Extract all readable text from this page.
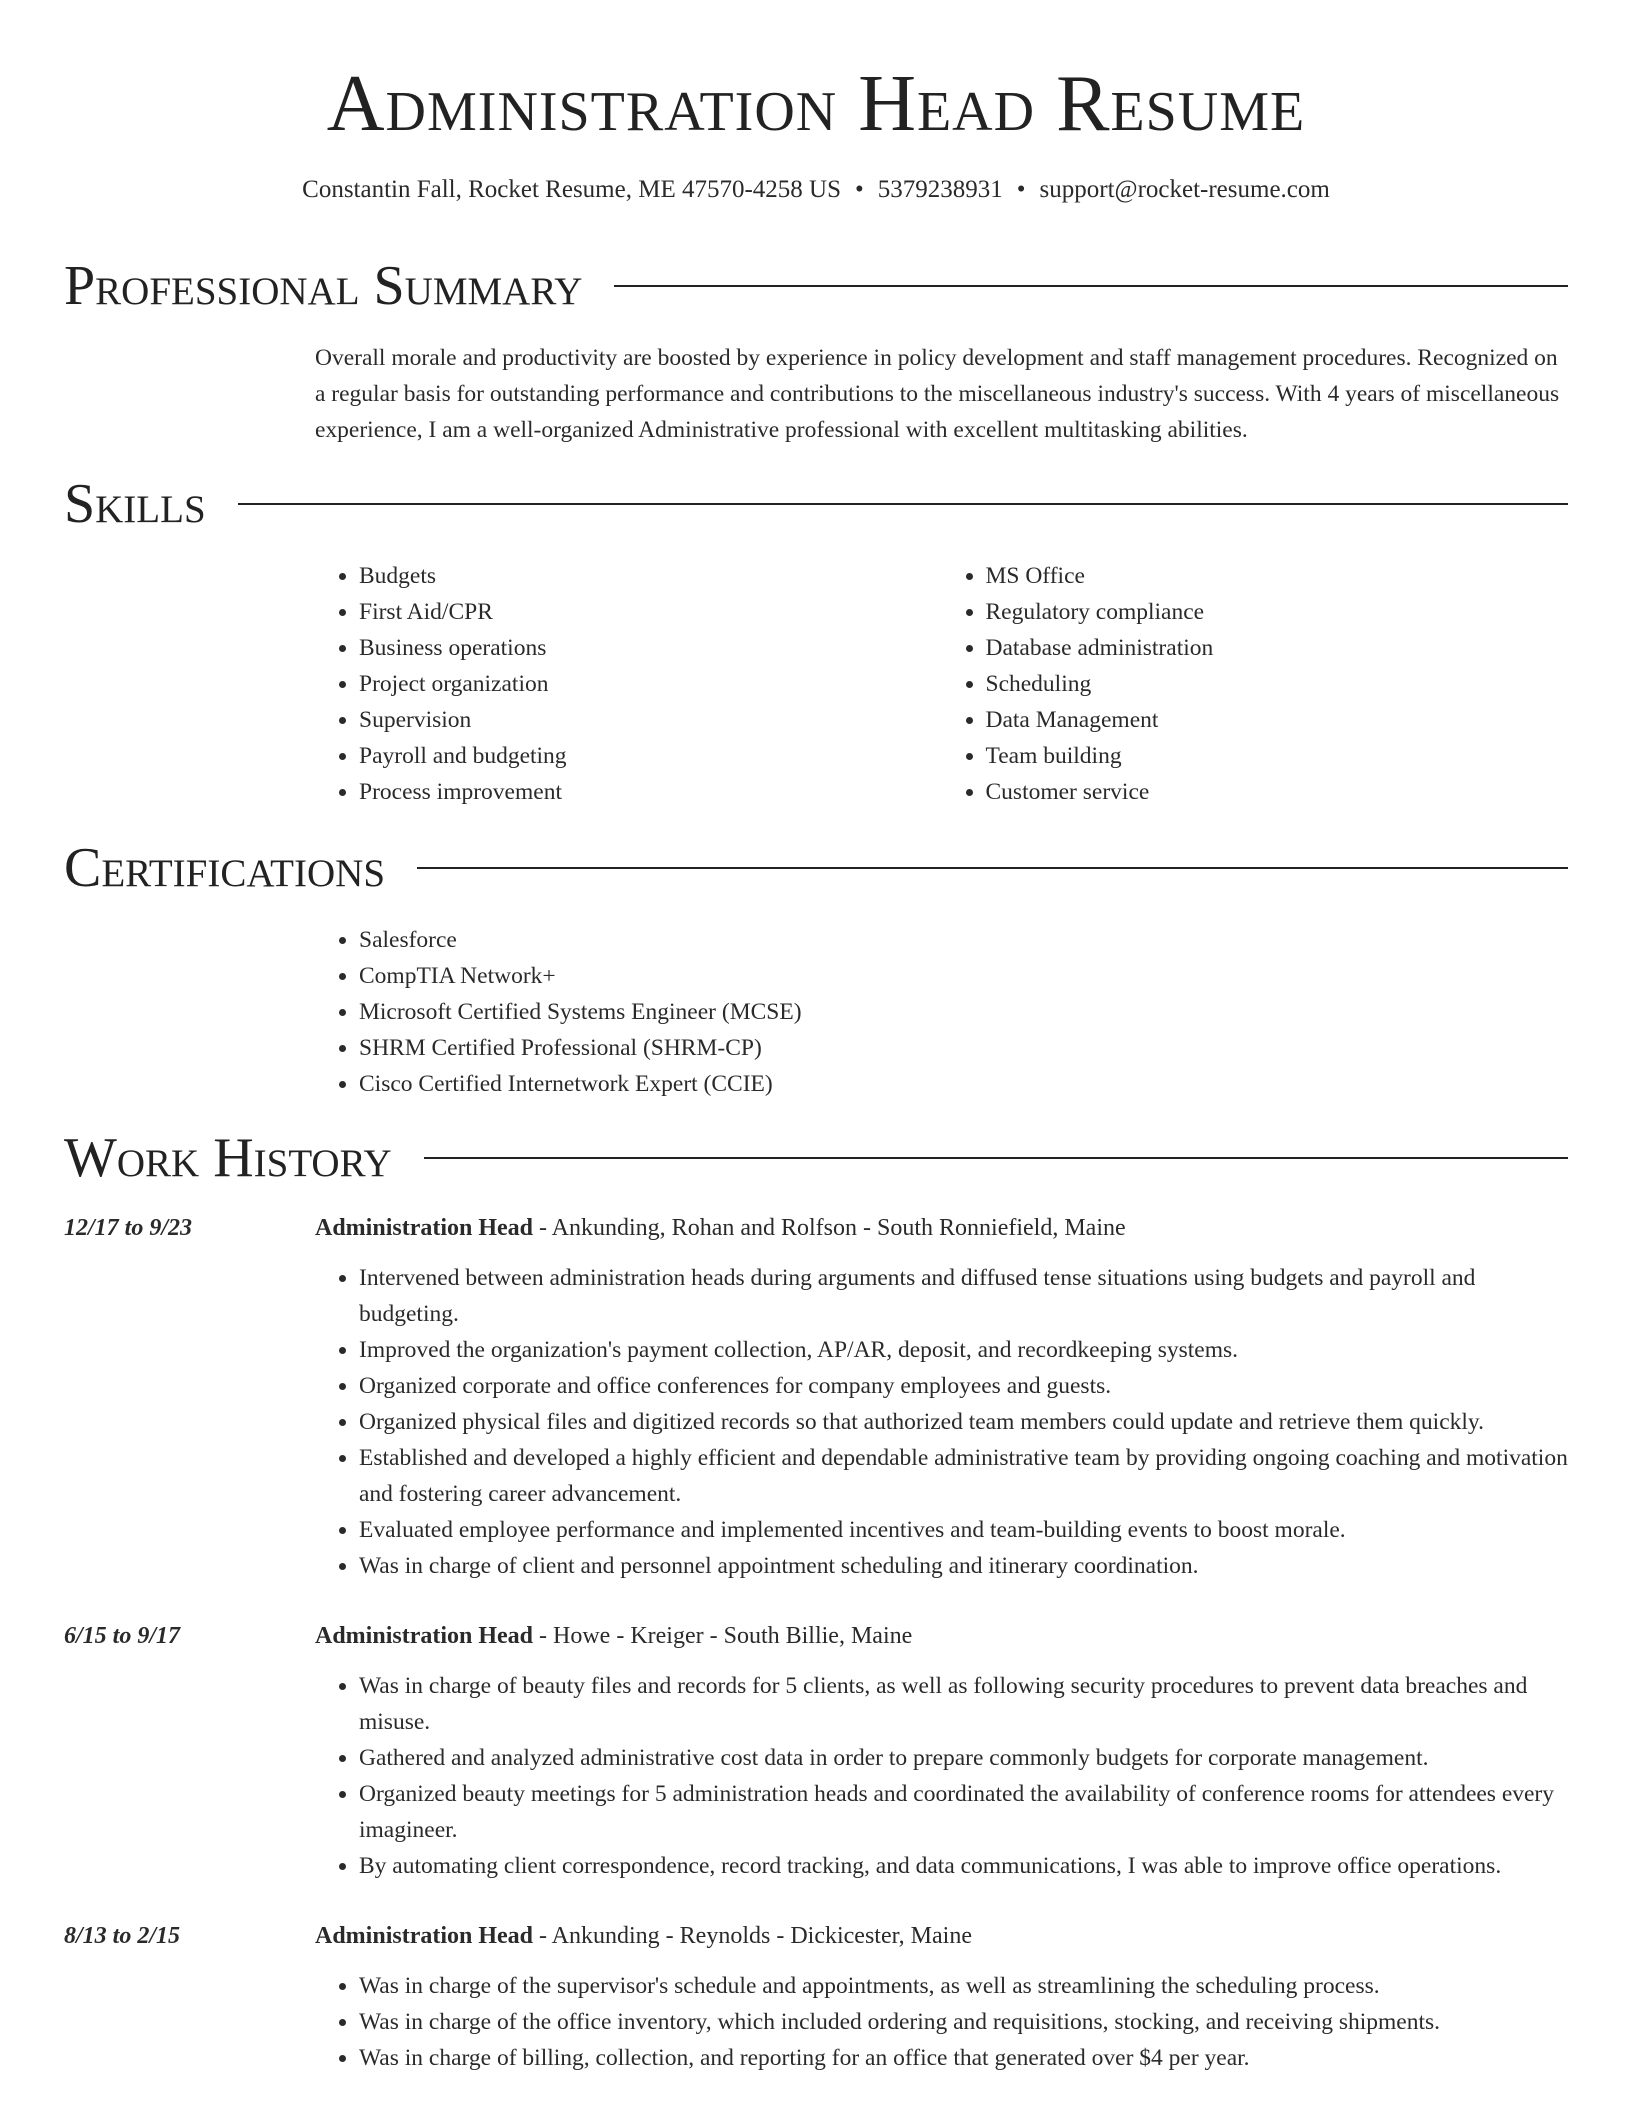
Administration Head Resume
Constantin Fall, Rocket Resume, ME 47570-4258 US • 5379238931 • support@rocket-resume.com
Professional Summary
Overall morale and productivity are boosted by experience in policy development and staff management procedures. Recognized on a regular basis for outstanding performance and contributions to the miscellaneous industry's success. With 4 years of miscellaneous experience, I am a well-organized Administrative professional with excellent multitasking abilities.
Skills
• Budgets
• First Aid/CPR
• Business operations
• Project organization
• Supervision
• Payroll and budgeting
• Process improvement
• MS Office
• Regulatory compliance
• Database administration
• Scheduling
• Data Management
• Team building
• Customer service
Certifications
• Salesforce
• CompTIA Network+
• Microsoft Certified Systems Engineer (MCSE)
• SHRM Certified Professional (SHRM-CP)
• Cisco Certified Internetwork Expert (CCIE)
Work History
12/17 to 9/23	Administration Head - Ankunding, Rohan and Rolfson - South Ronniefield, Maine
• Intervened between administration heads during arguments and diffused tense situations using budgets and payroll and budgeting.
• Improved the organization's payment collection, AP/AR, deposit, and recordkeeping systems.
• Organized corporate and office conferences for company employees and guests.
• Organized physical files and digitized records so that authorized team members could update and retrieve them quickly.
• Established and developed a highly efficient and dependable administrative team by providing ongoing coaching and motivation and fostering career advancement.
• Evaluated employee performance and implemented incentives and team-building events to boost morale.
• Was in charge of client and personnel appointment scheduling and itinerary coordination.
6/15 to 9/17	Administration Head - Howe - Kreiger - South Billie, Maine
• Was in charge of beauty files and records for 5 clients, as well as following security procedures to prevent data breaches and misuse.
• Gathered and analyzed administrative cost data in order to prepare commonly budgets for corporate management.
• Organized beauty meetings for 5 administration heads and coordinated the availability of conference rooms for attendees every imagineer.
• By automating client correspondence, record tracking, and data communications, I was able to improve office operations.
8/13 to 2/15	Administration Head - Ankunding - Reynolds - Dickicester, Maine
• Was in charge of the supervisor's schedule and appointments, as well as streamlining the scheduling process.
• Was in charge of the office inventory, which included ordering and requisitions, stocking, and receiving shipments.
• Was in charge of billing, collection, and reporting for an office that generated over $4 per year.
